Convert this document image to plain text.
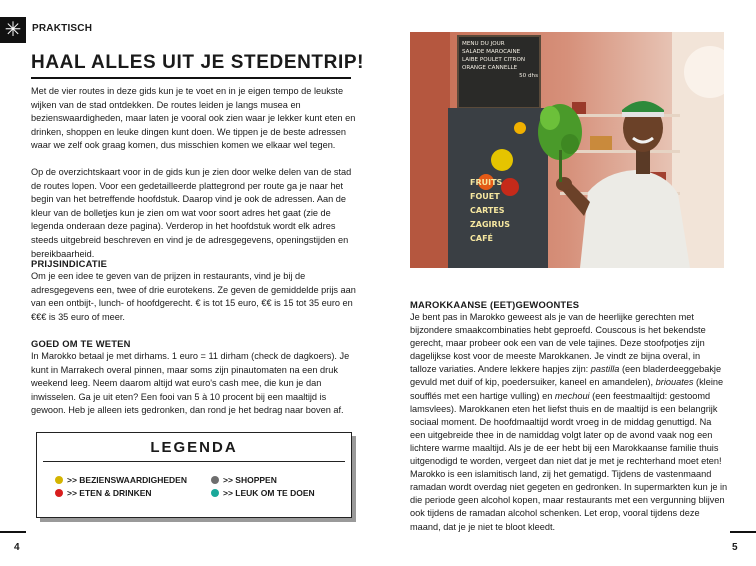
✳	PRAKTISCH
HAAL ALLES UIT JE STEDENTRIP!

Met de vier routes in deze gids kun je te voet en in je eigen tempo de leukste wijken van de stad ontdekken. De routes leiden je langs musea en bezienswaardigheden, maar laten je vooral ook zien waar je lekker kunt eten en drinken, shoppen en leuke dingen kunt doen. We tippen je de beste adressen waar we zelf ook graag komen, dus misschien komen we elkaar wel tegen.

Op de overzichtskaart voor in de gids kun je zien door welke delen van de stad de routes lopen. Voor een gedetailleerde plattegrond per route ga je naar het begin van het betreffende hoofdstuk. Daarop vind je ook de adressen. Aan de kleur van de bolletjes kun je zien om wat voor soort adres het gaat (zie de legenda onderaan deze pagina). Verderop in het hoofdstuk wordt elk adres steeds uitgebreid beschreven en vind je de adresgegevens, openingstijden en bereikbaarheid.

PRIJSINDICATIE

Om je een idee te geven van de prijzen in restaurants, vind je bij de adresgegevens een, twee of drie eurotekens. Ze geven de gemiddelde prijs aan van een ontbijt-, lunch- of hoofdgerecht. € is tot 15 euro, €€ is 15 tot 35 euro en €€€ is 35 euro of meer.

GOED OM TE WETEN

In Marokko betaal je met dirhams. 1 euro = 11 dirham (check de dagkoers). Je kunt in Marrakech overal pinnen, maar soms zijn pinautomaten na een druk weekend leeg. Neem daarom altijd wat euro's cash mee, die kun je dan inwisselen. Ga je uit eten? Een fooi van 5 à 10 procent bij een maaltijd is gewoon. Heb je alleen iets gedronken, dan rond je het bedrag naar boven af.

LEGENDA
>> BEZIENSWAARDIGHEDEN	>> SHOPPEN
>> ETEN & DRINKEN	>> LEUK OM TE DOEN
4
MENU DU JOUR
SALADE MAROCAINE
LAIBE POULET CITRON
ORANGE CANNELLE
50 dhs
FRUITS
FOUET
CARTES
ZAGIRUS
CAFÉ
MAROKKAANSE (EET)GEWOONTES

Je bent pas in Marokko geweest als je van de heerlijke gerechten met bijzondere smaakcombinaties hebt geproefd. Couscous is het bekendste gerecht, maar probeer ook een van de vele tajines. Deze stoofpotjes zijn dagelijkse kost voor de meeste Marokkanen. Je vindt ze bijna overal, in talloze variaties. Andere lekkere hapjes zijn: pastilla (een bladerdeeggebakje gevuld met duif of kip, poedersuiker, kaneel en amandelen), briouates (kleine soufflés met een hartige vulling) en mechoui (een feestmaaltijd: gestoomd lamsvlees). Marokkanen eten het liefst thuis en de maaltijd is een belangrijk sociaal moment. De hoofdmaaltijd wordt vroeg in de middag genuttigd. Na een uitgebreide thee in de namiddag volgt later op de avond vaak nog een lichtere warme maaltijd. Als je de eer hebt bij een Marokkaanse familie thuis uitgenodigd te worden, vergeet dan niet dat je met je rechterhand moet eten! Marokko is een islamitisch land, zij het gematigd. Tijdens de vastenmaand ramadan wordt overdag niet gegeten en gedronken. In supermarkten kun je in die periode geen alcohol kopen, maar restaurants met een vergunning blijven ook tijdens de ramadan alcohol schenken. Let erop, vooral tijdens deze maand, dat je je niet te bloot kleedt.

5
